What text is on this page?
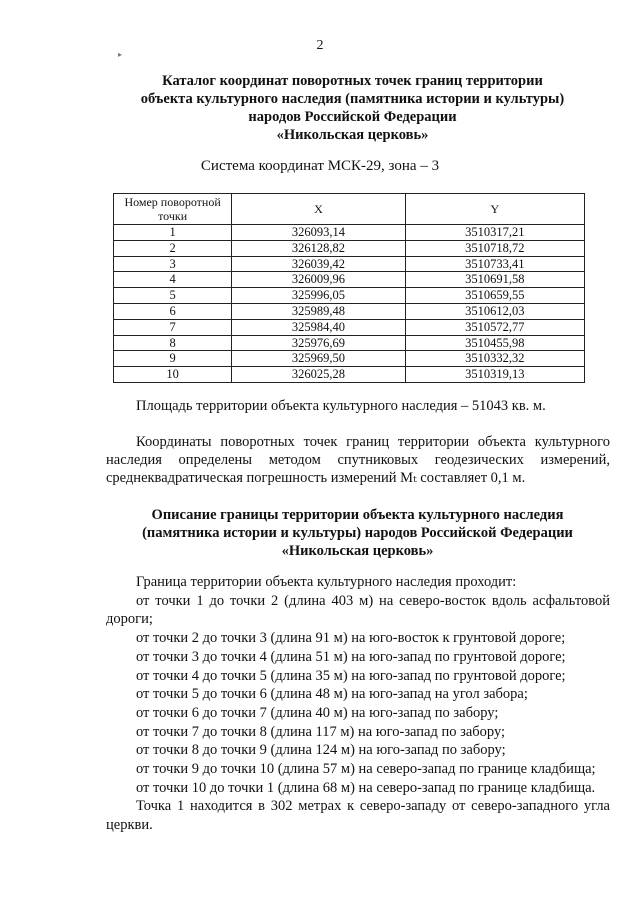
2
▸
Каталог координат поворотных точек границ территории
объекта культурного наследия (памятника истории и культуры)
народов Российской Федерации
«Никольская церковь»
Система координат МСК-29, зона – 3
Номер поворотной точки	X	Y
1	326093,14	3510317,21
2	326128,82	3510718,72
3	326039,42	3510733,41
4	326009,96	3510691,58
5	325996,05	3510659,55
6	325989,48	3510612,03
7	325984,40	3510572,77
8	325976,69	3510455,98
9	325969,50	3510332,32
10	326025,28	3510319,13
Площадь территории объекта культурного наследия – 51043 кв. м.
Координаты поворотных точек границ территории объекта культурного наследия определены методом спутниковых геодезических измерений, среднеквадратическая погрешность измерений Mₜ составляет 0,1 м.
Описание границы территории объекта культурного наследия
(памятника истории и культуры) народов Российской Федерации
«Никольская церковь»
Граница территории объекта культурного наследия проходит:
от точки 1 до точки 2 (длина 403 м) на северо-восток вдоль асфальтовой дороги;
от точки 2 до точки 3 (длина 91 м) на юго-восток к грунтовой дороге;
от точки 3 до точки 4 (длина 51 м) на юго-запад по грунтовой дороге;
от точки 4 до точки 5 (длина 35 м) на юго-запад по грунтовой дороге;
от точки 5 до точки 6 (длина 48 м) на юго-запад на угол забора;
от точки 6 до точки 7 (длина 40 м) на юго-запад по забору;
от точки 7 до точки 8 (длина 117 м) на юго-запад по забору;
от точки 8 до точки 9 (длина 124 м) на юго-запад по забору;
от точки 9 до точки 10 (длина 57 м) на северо-запад по границе кладбища;
от точки 10 до точки 1 (длина 68 м) на северо-запад по границе кладбища.
Точка 1 находится в 302 метрах к северо-западу от северо-западного угла церкви.
